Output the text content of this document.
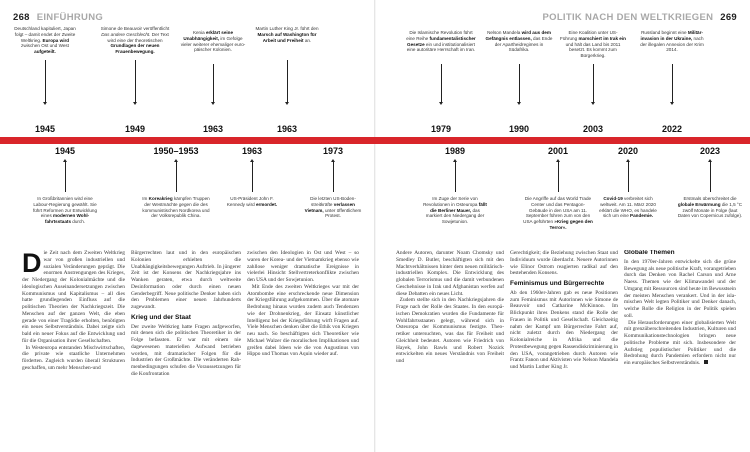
268 EINFÜHRUNG	POLITIK NACH DEN WELTKRIEGEN 269
Deutschland kapituliert, Japan folgt – damit endet der Zweite Weltkrieg. Europa wird zwischen Ost und West aufgeteilt.
1945
Simone de Beauvoir veröffentlicht Das andere Geschlecht. Der Text wird eine der theoretischen Grundlagen der neuen Frauenbewegung.
1949
Kenia erklärt seine Unabhängigkeit, im Gefolge vieler weiterer ehemaliger europäischer Kolonien.
1963
Martin Luther King Jr. führt den Marsch auf Washington für Arbeit und Freiheit an.
1963
Die Islamische Revolution führt eine Reihe fundamentalistischer Gesetze ein und institutionalisiert eine autoritäre Herrschaft im Iran.
1979
Nelson Mandela wird aus dem Gefängnis entlassen, das Ende der Apartheidregimes in Südafrika.
1990
Eine Koalition unter US-Führung marschiert im Irak ein und hält das Land bis 2011 besetzt. Es kommt zum Bürgerkrieg.
2003
Russland beginnt eine Militärinvasion in der Ukraine, nach der illegalen Annexion der Krim 2014.
2022
1945
In Großbritannien wird eine Labour-Regierung gewählt. Sie führt Reformen zur Entwicklung eines modernen Wohlfahrtsstaats durch.
1950–1953
Im Koreakrieg kämpfen Truppen der Westmächte gegen die des kommunistischen Nordkorea und der Volksrepublik China.
1963
US-Präsident John F. Kennedy wird ermordet.
1973
Die letzten US-Bodenstreitkräfte verlassen Vietnam, unter öffentlichem Protest.
1989
Im Zuge der Serie von Revolutionen in Osteuropa fällt die Berliner Mauer, das markiert den Niedergang der Sowjetunion.
2001
Die Angriffe auf das World Trade Center und das Pentagon-Gebäude in den USA am 11. September führen zum von den USA geführten »Krieg gegen den Terror«.
2020
Covid-19 verbreitet sich weltweit. Am 11. März 2020 erklärt die WHO, es handele sich um eine Pandemie.
2023
Erstmals überschreitet die globale Erwärmung die 1,5 °C zwölf Monate in Folge (laut Daten von Copernicus zufolge).
Die Zeit nach dem Zweiten Weltkrieg war von großen industriellen und sozialen Veränderungen geprägt. Die enormen Anstrengungen des Krieges, der Niedergang der Kolonialmächte und die ideologischen Auseinandersetzungen zwischen Kommunismus und Kapitalismus – all dies hatte grundlegenden Einfluss auf die politischen Theorien der Nachkriegszeit. Die Menschen auf der ganzen Welt, die eben gerade von einer Tragödie erholten, benötigten ein neues Selbstverständnis. Dabei zeigte sich bald ein neuer Fokus auf die Entwicklung und für die Organisation ihrer Gesellschaften.
In Westeuropa entstanden Mischwirtschaften, die private wie staatliche Unternehmen förderten. Zugleich wurden überall Strukturen geschaffen, um mehr Menschen-und
Bürgerrechten laut und in den europäischen Kolonien erhielten die Unabhängigkeitsbewegungen Auftrieb. In jüngerer Zeit ist der Konsens der Nachkriegsjahre ins Wanken geraten, etwa durch weltweite Desinformation oder durch einen neuen Genderbegriff. Neue politische Denker haben sich den Problemen einer neuen Jahrhunderts zugewandt.
Krieg und der Staat
Der zweite Weltkrieg hatte Fragen aufgeworfen, mit denen sich die politischen Theoretiker in der Folge befassten. Er war mit einem nie dagewesenen materiellen Aufwand betrieben worden, mit dramatischer Folgen für die Industrien der Großmächte. Die veränderten Rahmenbedingungen schufen die Voraussetzungen für die Konfrontation
zwischen den Ideologien in Ost und West – so waren der Korea- und der Vietnamkrieg ebenso wie zahllose weniger dramatische Ereignisse in vielerlei Hinsicht Stellvertreterkonflikte zwischen den USA und der Sowjetunion.
Mit Ende des zweiten Weltkrieges war mit der Atombombe eine erschreckende neue Dimension der Kriegsführung aufgekommen. Über die atomare Bedrohung hinaus wurden zudem auch Tendenzen wie der Drohnenkrieg, der Einsatz künstlicher Intelligenz bei der Kriegsführung wirft Fragen auf. Viele Menschen denken über die Ethik von Kriegen neu nach. So beschäftigten sich Theoretiker wie Michael Walzer die moralischen Implikationen und greifen dabei Ideen wie die von Augustinus von Hippo und Thomas von Aquin wieder auf.
Andere Autoren, darunter Noam Chomsky und Smedley D. Butler, beschäftigten sich mit den Machtverhältnissen hinter dem neuen militärisch-industriellen Komplex. Die Entwicklung des globalen Terrorismus und die damit verbundenen Geschehnisse in Irak und Afghanistan werfen auf diese Debatten ein neues Licht.
Zudem stellte sich in den Nachkriegsjahren die Frage nach der Rolle des Staates. In den europäischen Demokratien wurden die Fundamente für Wohlfahrtsstaaten gelegt, während sich in Osteuropa der Kommunismus festigte. Theoretiker untersuchten, was das für Freiheit und Gleichheit bedeutet. Autoren wie Friedrich von Hayek, John Rawls und Robert Nozick entwickelten ein neues Verständnis von Freiheit und
Gerechtigkeit; die Beziehung zwischen Staat und Individuum wurde überdacht. Neuere Autorinnen wie Elinor Ostrom reagierten radikal auf den bestehenden Konsens.
Feminismus und Bürgerrechte
Ab den 1960er-Jahren gab es neue Positionen zum Feminismus mit Autorinnen wie Simone de Beauvoir und Catharine McKinnon. Im Blickpunkt ihres Denkens stand die Rolle der Frauen in Politik und Gesellschaft. Gleichzeitig nahm der Kampf um Bürgerrechte Fahrt auf, nicht zuletzt durch den Niedergang der Kolonialreiche in Afrika und die Protestbewegung gegen Rassendiskriminierung in den USA, vorangetrieben durch Autoren wie Frantz Fanon und Aktivisten wie Nelson Mandela und Martin Luther King Jr.
Globale Themen
In den 1970er-Jahren entwickelte sich die grüne Bewegung als neue politische Kraft, vorangetrieben durch das Denken von Rachel Carson und Arne Naess. Themen wie der Klimawandel und der Umgang mit Ressourcen sind heute im Bewusstsein der meisten Menschen verankert. Und in der islamischen Welt legten Politiker und Denker danach, welche Rolle die Religion in der Politik spielen soll.
Die Herausforderungen einer globalisierten Welt mit grenzüberschreitenden Industrien, Kulturen und Kommunikationstechnologien bringen neue politische Probleme mit sich. Insbesondere der Aufstieg populistischer Politiker und die Bedrohung durch Pandemien erfordern nicht nur ein europäisches Selbstverständnis.
